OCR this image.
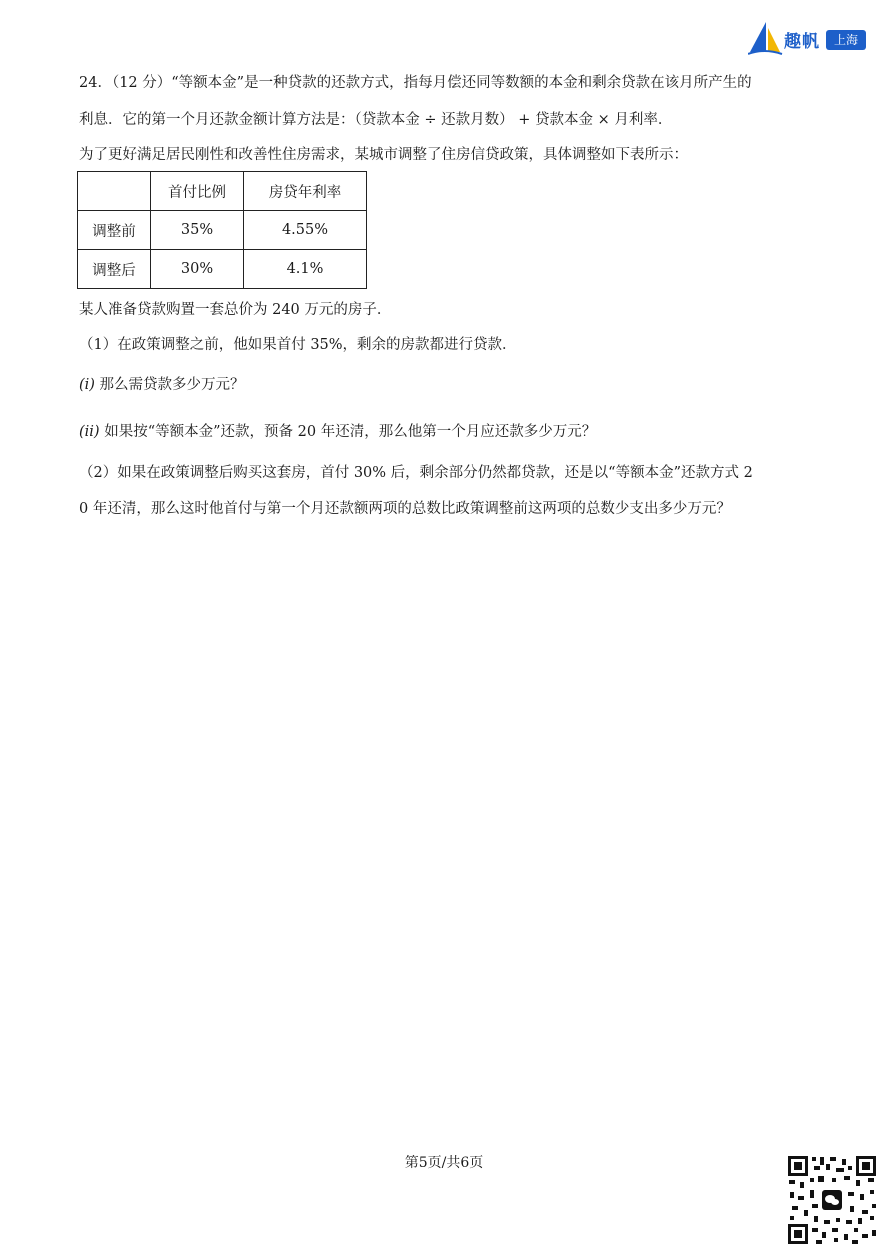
趣帆	上海
24．（12 分）“等额本金”是一种贷款的还款方式，指每月偿还同等数额的本金和剩余贷款在该月所产生的
利息．它的第一个月还款金额计算方法是：（贷款本金 ÷ 还款月数） + 贷款本金 × 月利率．
为了更好满足居民刚性和改善性住房需求，某城市调整了住房信贷政策，具体调整如下表所示：
	首付比例	房贷年利率
调整前	35%	4.55%
调整后	30%	4.1%
某人准备贷款购置一套总价为 240 万元的房子．
（1）在政策调整之前，他如果首付 35%，剩余的房款都进行贷款．
(i) 那么需贷款多少万元？
(ii) 如果按“等额本金”还款，预备 20 年还清，那么他第一个月应还款多少万元？
（2）如果在政策调整后购买这套房，首付 30% 后，剩余部分仍然都贷款，还是以“等额本金”还款方式 2
0 年还清，那么这时他首付与第一个月还款额两项的总数比政策调整前这两项的总数少支出多少万元？
第5页/共6页
